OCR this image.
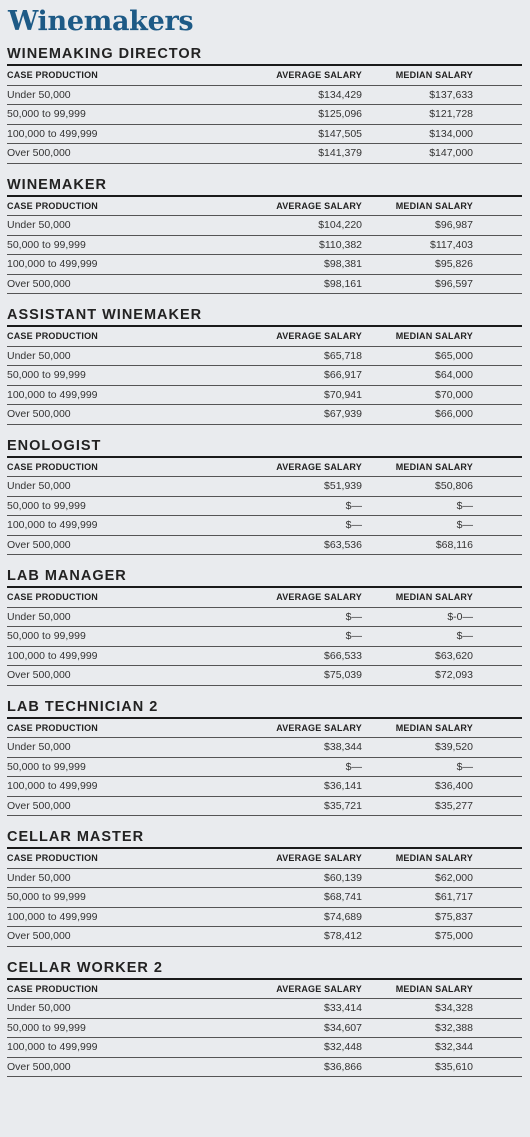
Winemakers
WINEMAKING DIRECTOR
CASE PRODUCTION	AVERAGE SALARY	MEDIAN SALARY
Under 50,000	$134,429	$137,633
50,000 to 99,999	$125,096	$121,728
100,000 to 499,999	$147,505	$134,000
Over 500,000	$141,379	$147,000
WINEMAKER
CASE PRODUCTION	AVERAGE SALARY	MEDIAN SALARY
Under 50,000	$104,220	$96,987
50,000 to 99,999	$110,382	$117,403
100,000 to 499,999	$98,381	$95,826
Over 500,000	$98,161	$96,597
ASSISTANT WINEMAKER
CASE PRODUCTION	AVERAGE SALARY	MEDIAN SALARY
Under 50,000	$65,718	$65,000
50,000 to 99,999	$66,917	$64,000
100,000 to 499,999	$70,941	$70,000
Over 500,000	$67,939	$66,000
ENOLOGIST
CASE PRODUCTION	AVERAGE SALARY	MEDIAN SALARY
Under 50,000	$51,939	$50,806
50,000 to 99,999	$—	$—
100,000 to 499,999	$—	$—
Over 500,000	$63,536	$68,116
LAB MANAGER
CASE PRODUCTION	AVERAGE SALARY	MEDIAN SALARY
Under 50,000	$—	$-0—
50,000 to 99,999	$—	$—
100,000 to 499,999	$66,533	$63,620
Over 500,000	$75,039	$72,093
LAB TECHNICIAN 2
CASE PRODUCTION	AVERAGE SALARY	MEDIAN SALARY
Under 50,000	$38,344	$39,520
50,000 to 99,999	$—	$—
100,000 to 499,999	$36,141	$36,400
Over 500,000	$35,721	$35,277
CELLAR MASTER
CASE PRODUCTION	AVERAGE SALARY	MEDIAN SALARY
Under 50,000	$60,139	$62,000
50,000 to 99,999	$68,741	$61,717
100,000 to 499,999	$74,689	$75,837
Over 500,000	$78,412	$75,000
CELLAR WORKER 2
CASE PRODUCTION	AVERAGE SALARY	MEDIAN SALARY
Under 50,000	$33,414	$34,328
50,000 to 99,999	$34,607	$32,388
100,000 to 499,999	$32,448	$32,344
Over 500,000	$36,866	$35,610
